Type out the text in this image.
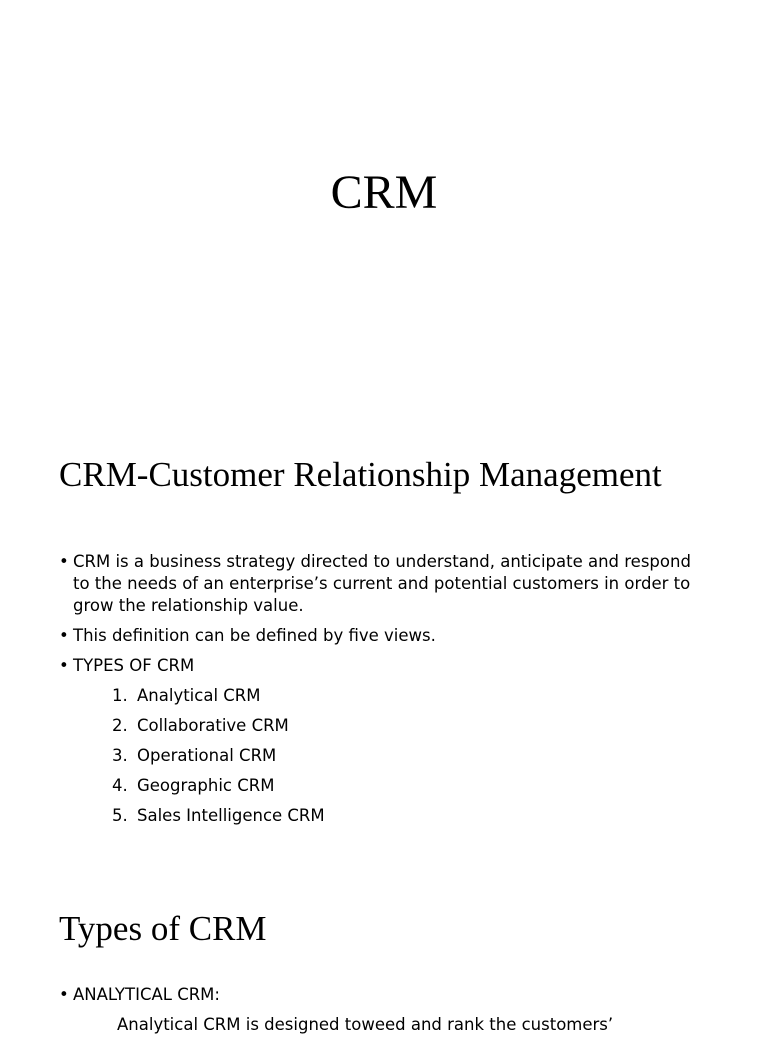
CRM
CRM-Customer Relationship Management
• CRM is a business strategy directed to understand, anticipate and respond to the needs of an enterprise’s current and potential customers in order to grow the relationship value.
• This definition can be defined by five views.
• TYPES OF CRM
1. Analytical CRM
2. Collaborative CRM
3. Operational CRM
4. Geographic CRM
5. Sales Intelligence CRM
Types of CRM
• ANALYTICAL CRM:
Analytical CRM is designed toweed and rank the customers’
